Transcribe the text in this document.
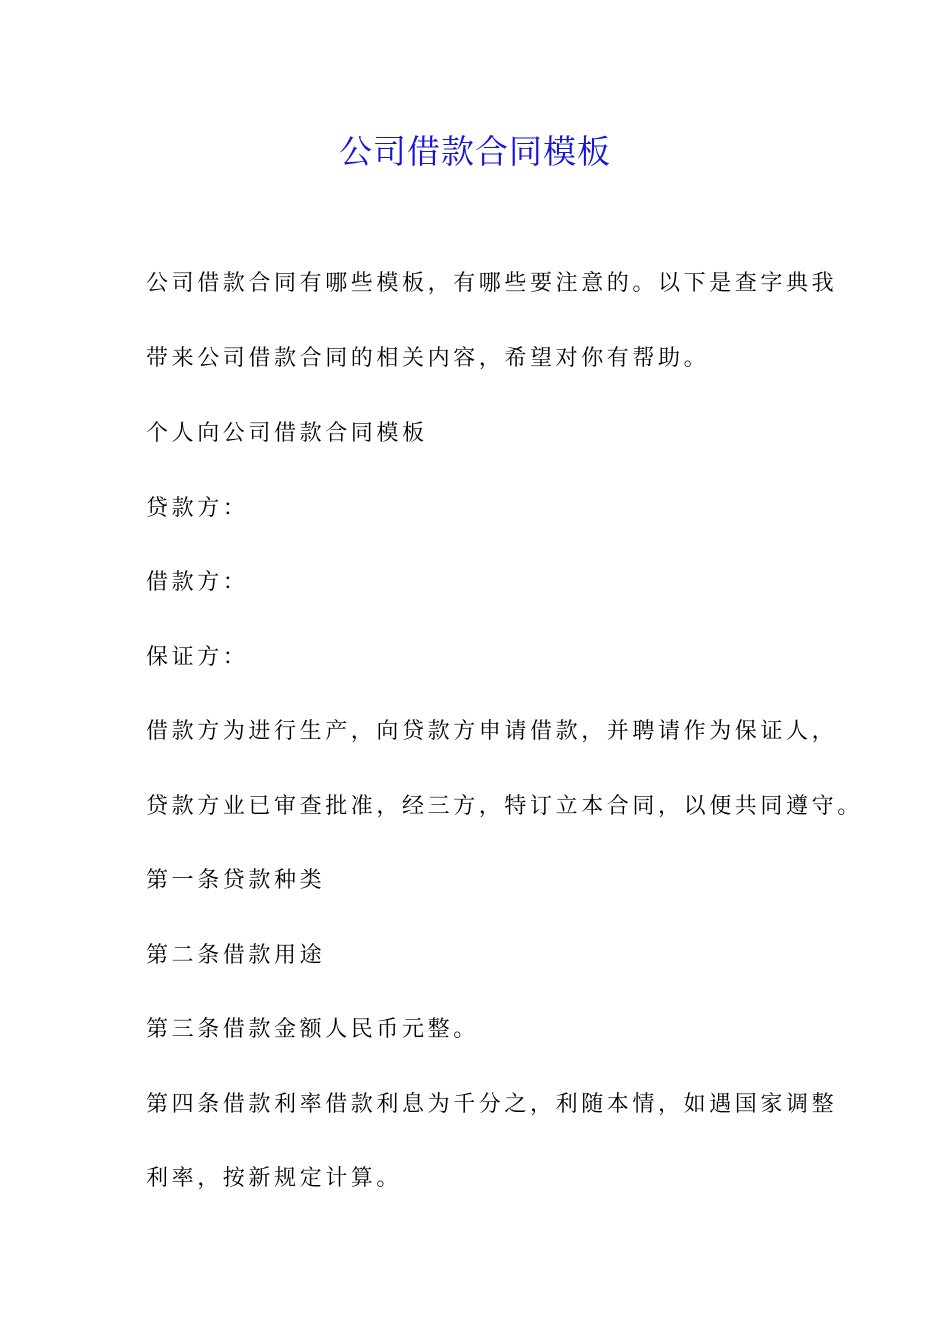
公司借款合同模板

公司借款合同有哪些模板，有哪些要注意的。以下是查字典我

带来公司借款合同的相关内容，希望对你有帮助。

个人向公司借款合同模板

贷款方：

借款方：

保证方：

借款方为进行生产，向贷款方申请借款，并聘请作为保证人，

贷款方业已审查批准，经三方，特订立本合同，以便共同遵守。

第一条贷款种类

第二条借款用途

第三条借款金额人民币元整。

第四条借款利率借款利息为千分之，利随本情，如遇国家调整

利率，按新规定计算。
